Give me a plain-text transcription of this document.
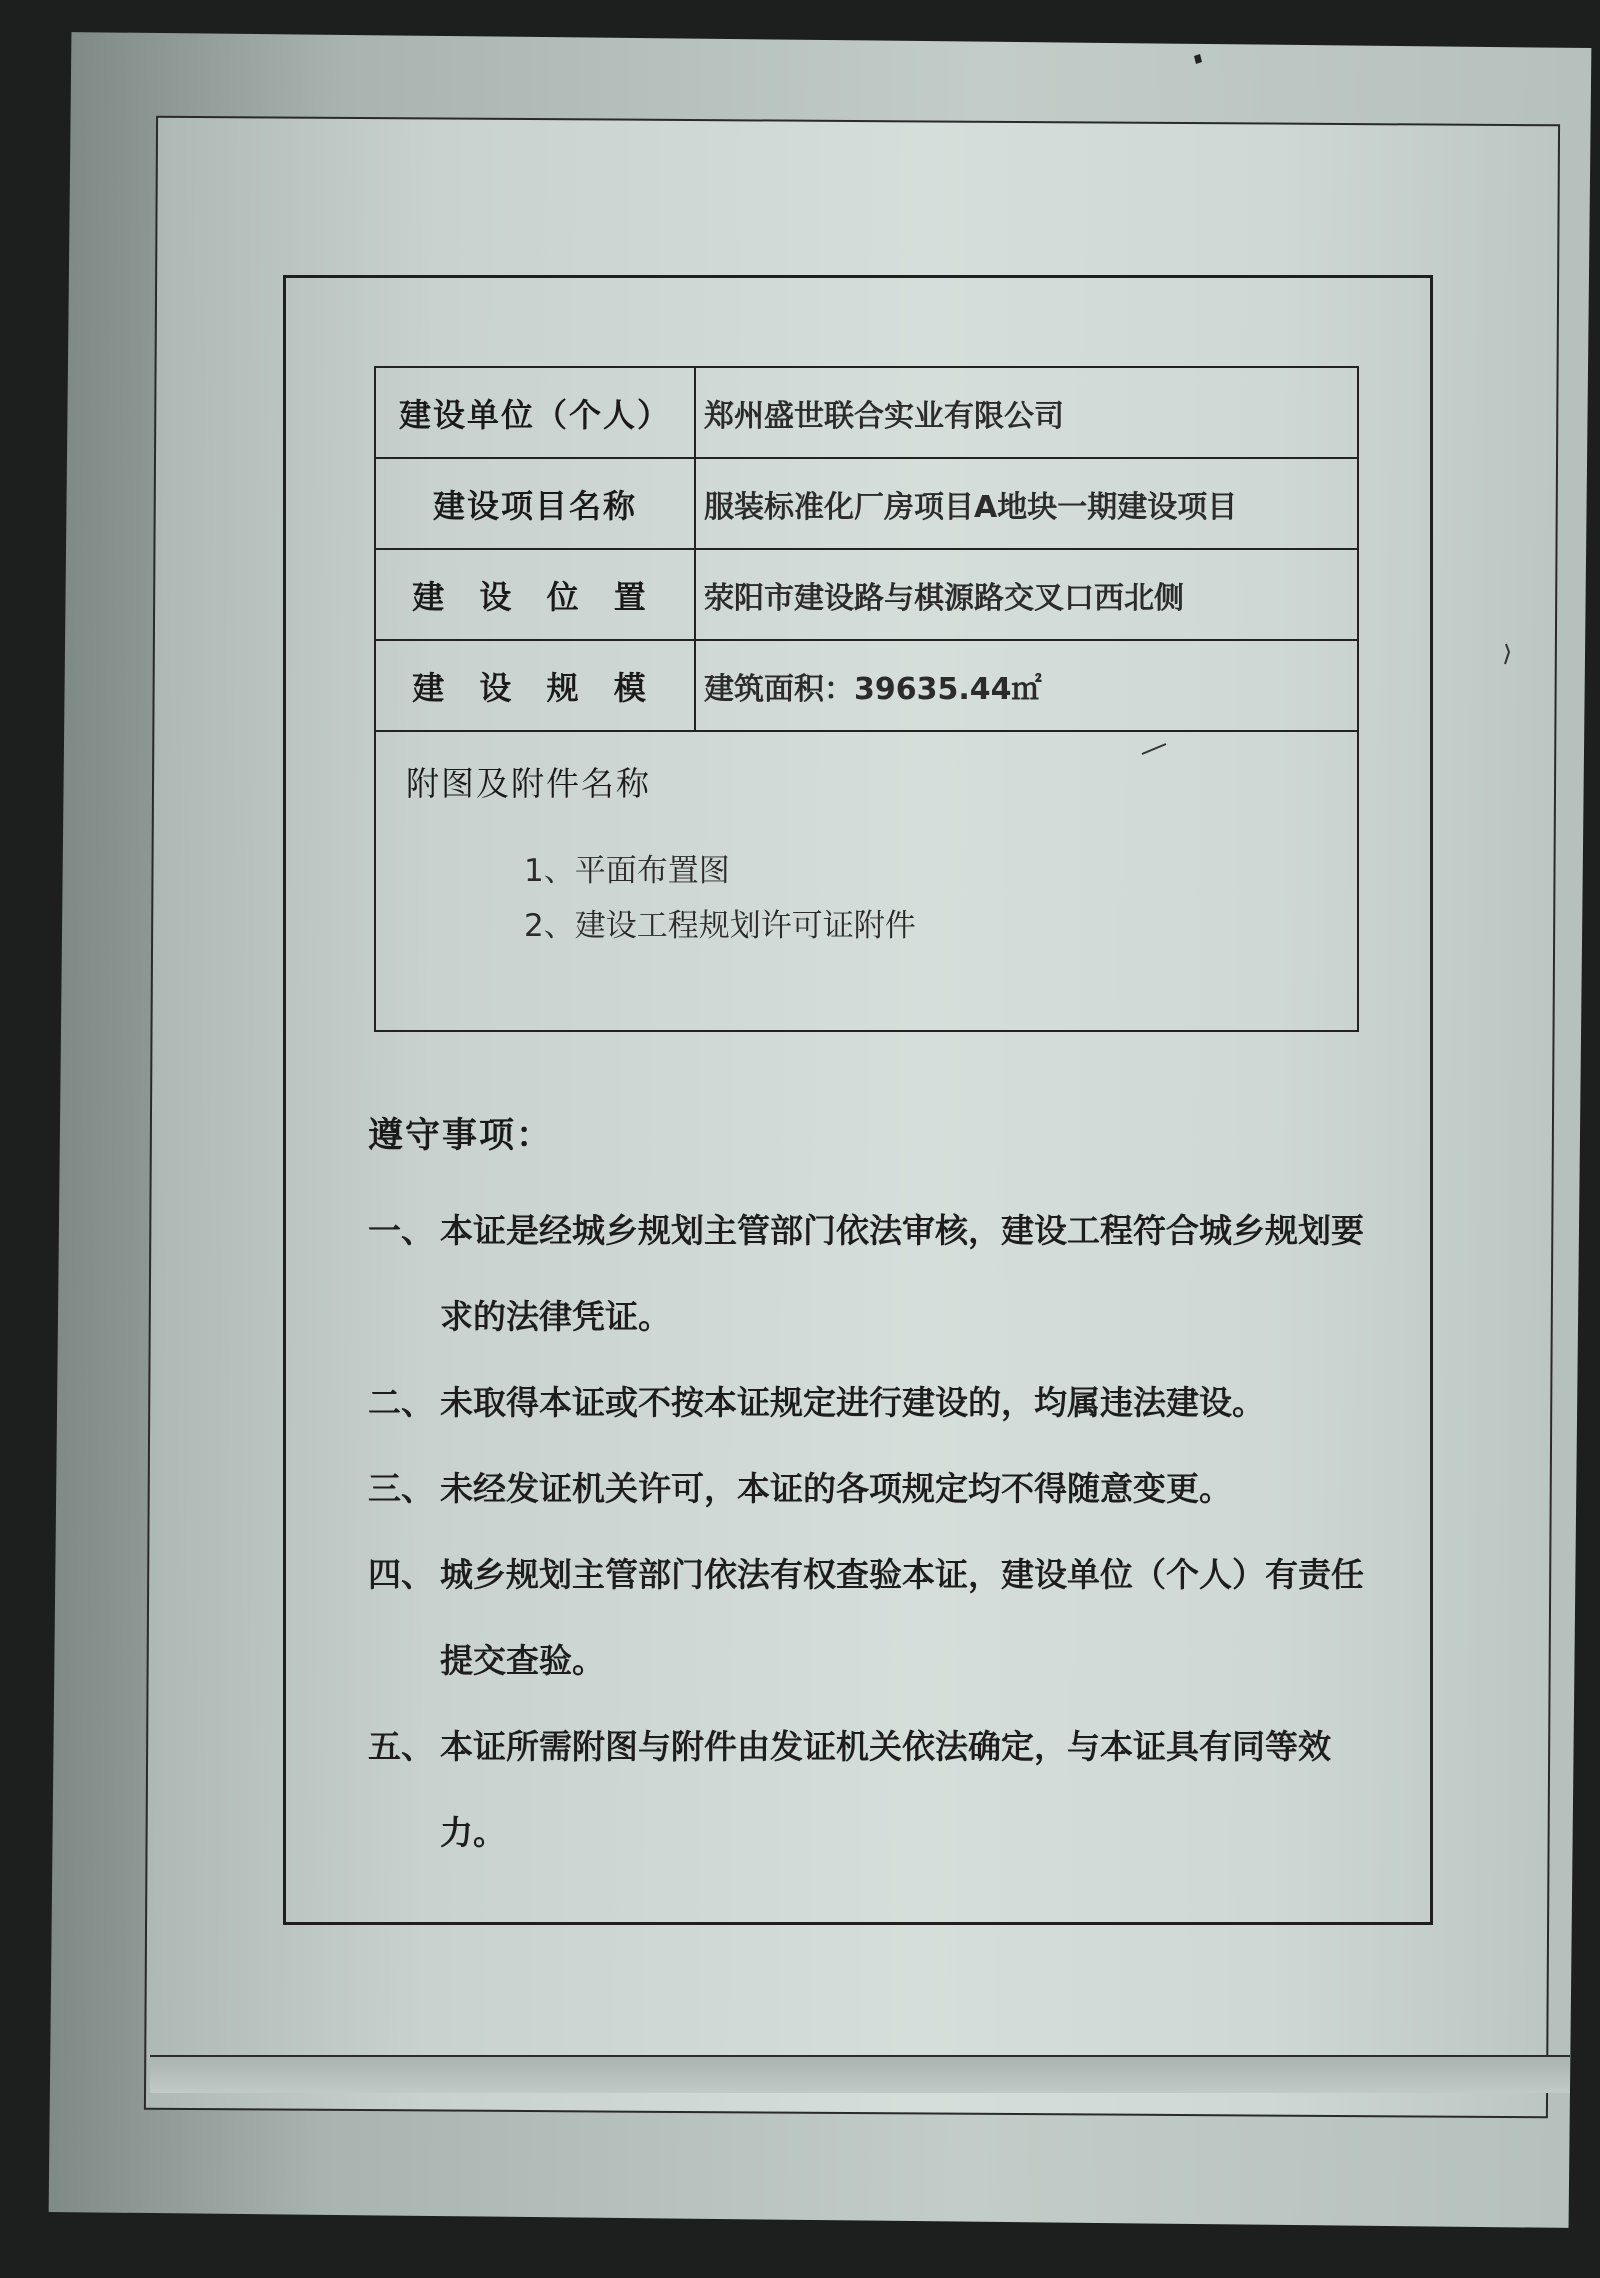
建设单位（个人）	郑州盛世联合实业有限公司
建设项目名称	服装标准化厂房项目A地块一期建设项目
建 设 位 置	荥阳市建设路与棋源路交叉口西北侧
建 设 规 模	建筑面积：39635.44㎡

附图及附件名称
1、平面布置图
2、建设工程规划许可证附件	
遵守事项：
一、 本证是经城乡规划主管部门依法审核，建设工程符合城乡规划要求的法律凭证。
二、 未取得本证或不按本证规定进行建设的，均属违法建设。
三、 未经发证机关许可，本证的各项规定均不得随意变更。
四、 城乡规划主管部门依法有权查验本证，建设单位（个人）有责任提交查验。
五、 本证所需附图与附件由发证机关依法确定，与本证具有同等效力。
